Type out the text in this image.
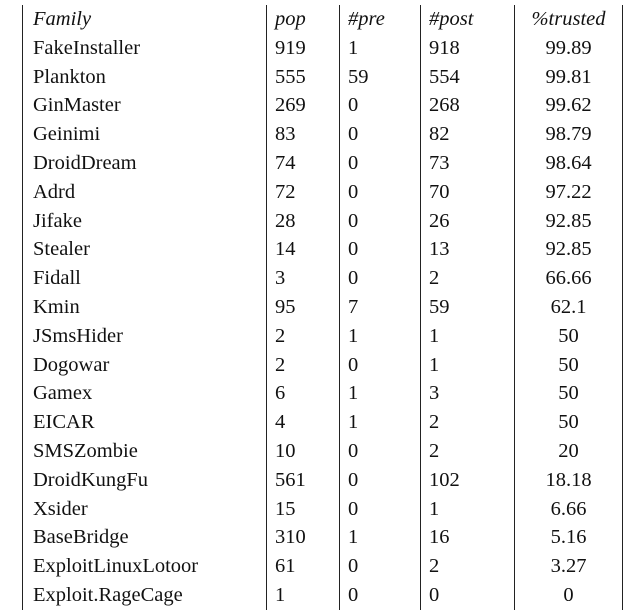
Family	pop	#pre	#post	%trusted
FakeInstaller	919	1	918	99.89
Plankton	555	59	554	99.81
GinMaster	269	0	268	99.62
Geinimi	83	0	82	98.79
DroidDream	74	0	73	98.64
Adrd	72	0	70	97.22
Jifake	28	0	26	92.85
Stealer	14	0	13	92.85
Fidall	3	0	2	66.66
Kmin	95	7	59	62.1
JSmsHider	2	1	1	50
Dogowar	2	0	1	50
Gamex	6	1	3	50
EICAR	4	1	2	50
SMSZombie	10	0	2	20
DroidKungFu	561	0	102	18.18
Xsider	15	0	1	6.66
BaseBridge	310	1	16	5.16
ExploitLinuxLotoor	61	0	2	3.27
Exploit.RageCage	1	0	0	0
